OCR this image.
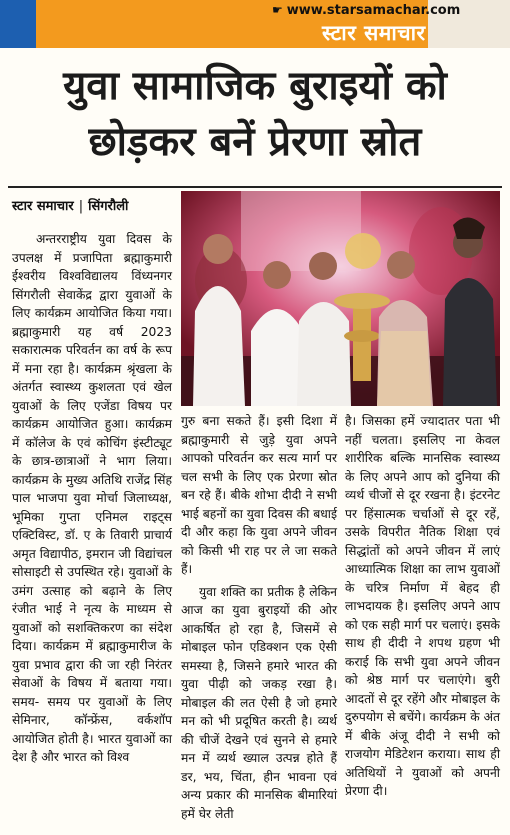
☛ www.starsamachar.com
स्टार समाचार
युवा सामाजिक बुराइयों को
छोड़कर बनें प्रेरणा स्रोत
स्टार समाचार | सिंगरौली

अन्तरराष्ट्रीय युवा दिवस के उपलक्ष में प्रजापिता ब्रह्माकुमारी ईश्वरीय विश्वविद्यालय विंध्यनगर सिंगरौली सेवाकेंद्र द्वारा युवाओं के लिए कार्यक्रम आयोजित किया गया। ब्रह्माकुमारी यह वर्ष 2023 सकारात्मक परिवर्तन का वर्ष के रूप में मना रहा है। कार्यक्रम श्रृंखला के अंतर्गत स्वास्थ्य कुशलता एवं खेल युवाओं के लिए एजेंडा विषय पर कार्यक्रम आयोजित हुआ। कार्यक्रम में कॉलेज के एवं कोचिंग इंस्टीट्यूट के छात्र-छात्राओं ने भाग लिया। कार्यक्रम के मुख्य अतिथि राजेंद्र सिंह पाल भाजपा युवा मोर्चा जिलाध्यक्ष, भूमिका गुप्ता एनिमल राइट्स एक्टिविस्ट, डॉ. ए के तिवारी प्राचार्य अमृत विद्यापीठ, इमरान जी विद्यांचल सोसाइटी से उपस्थित रहे। युवाओं के उमंग उत्साह को बढ़ाने के लिए रंजीत भाई ने नृत्य के माध्यम से युवाओं को सशक्तिकरण का संदेश दिया। कार्यक्रम में ब्रह्माकुमारीज के युवा प्रभाव द्वारा की जा रही निरंतर सेवाओं के विषय में बताया गया। समय- समय पर युवाओं के लिए सेमिनार, कॉन्फ्रेंस, वर्कशॉप आयोजित होती है। भारत युवाओं का देश है और भारत को विश्व

गुरु बना सकते हैं। इसी दिशा में ब्रह्माकुमारी से जुड़े युवा अपने आपको परिवर्तन कर सत्य मार्ग पर चल सभी के लिए एक प्रेरणा स्रोत बन रहे हैं। बीके शोभा दीदी ने सभी भाई बहनों का युवा दिवस की बधाई दी और कहा कि युवा अपने जीवन को किसी भी राह पर ले जा सकते हैं।

युवा शक्ति का प्रतीक है लेकिन आज का युवा बुराइयों की ओर आकर्षित हो रहा है, जिसमें से मोबाइल फोन एडिक्शन एक ऐसी समस्या है, जिसने हमारे भारत की युवा पीढ़ी को जकड़ रखा है। मोबाइल की लत ऐसी है जो हमारे मन को भी प्रदूषित करती है। व्यर्थ की चीजें देखने एवं सुनने से हमारे मन में व्यर्थ ख्याल उत्पन्न होते हैं डर, भय, चिंता, हीन भावना एवं अन्य प्रकार की मानसिक बीमारियां हमें घेर लेती

है। जिसका हमें ज्यादातर पता भी नहीं चलता। इसलिए ना केवल शारीरिक बल्कि मानसिक स्वास्थ्य के लिए अपने आप को दुनिया की व्यर्थ चीजों से दूर रखना है। इंटरनेट पर हिंसात्मक चर्चाओं से दूर रहें, उसके विपरीत नैतिक शिक्षा एवं सिद्धांतों को अपने जीवन में लाएं आध्यात्मिक शिक्षा का लाभ युवाओं के चरित्र निर्माण में बेहद ही लाभदायक है। इसलिए अपने आप को एक सही मार्ग पर चलाएं। इसके साथ ही दीदी ने शपथ ग्रहण भी कराई कि सभी युवा अपने जीवन को श्रेष्ठ मार्ग पर चलाएंगे। बुरी आदतों से दूर रहेंगे और मोबाइल के दुरुपयोग से बचेंगे। कार्यक्रम के अंत में बीके अंजू दीदी ने सभी को राजयोग मेडिटेशन कराया। साथ ही अतिथियों ने युवाओं को अपनी प्रेरणा दी।
